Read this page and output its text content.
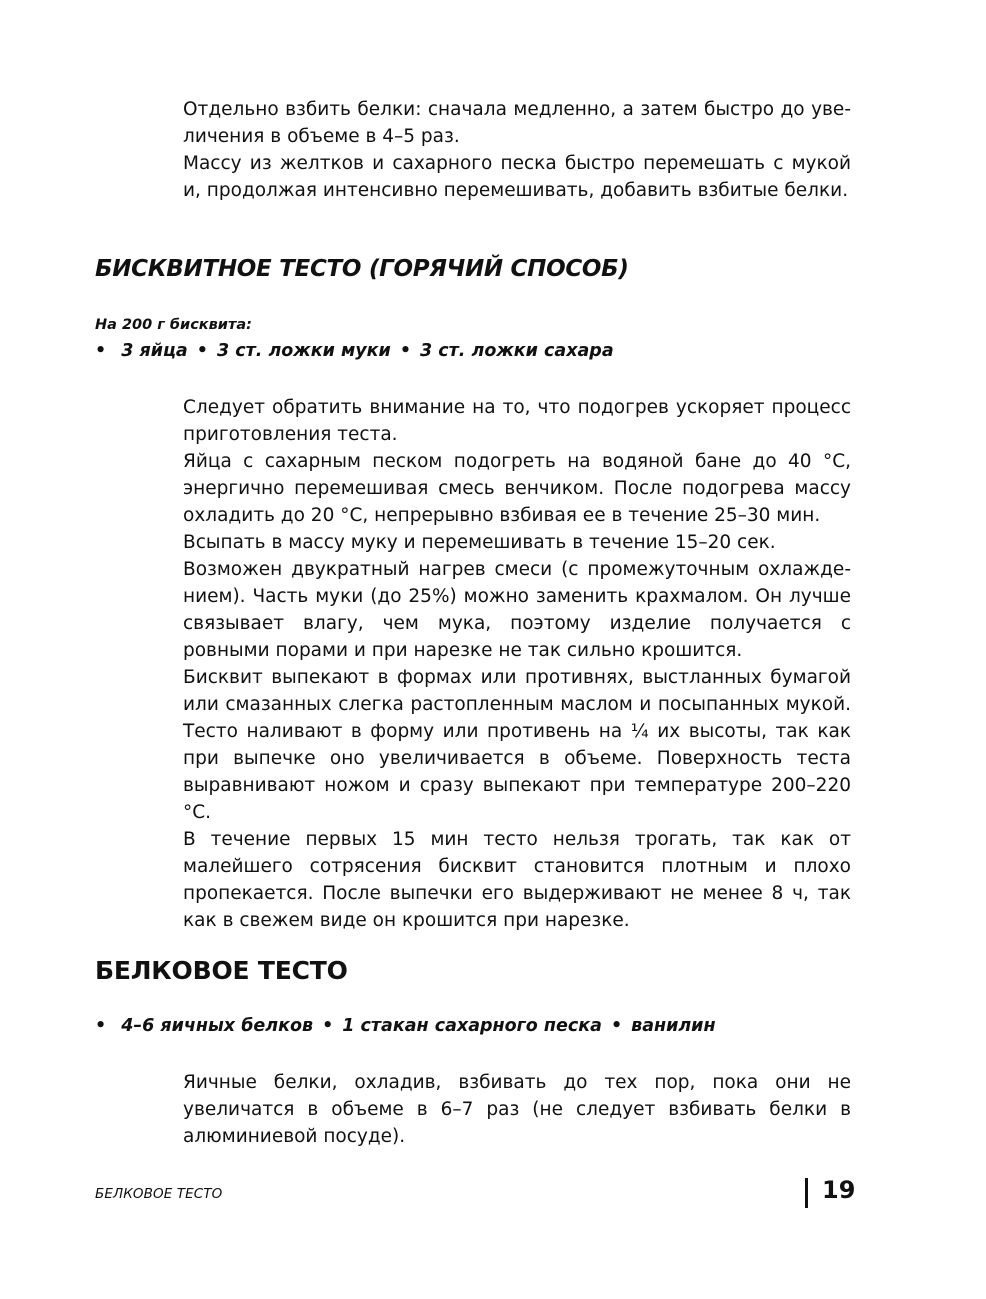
Отдельно взбить белки: сначала медленно, а затем быстро до увеличения в объеме в 4–5 раз.

Массу из желтков и сахарного песка быстро перемешать с мукой и, продолжая интенсивно перемешивать, добавить взбитые белки.

БИСКВИТНОЕ ТЕСТО (ГОРЯЧИЙ СПОСОБ)
На 200 г бисквита:
• 3 яйца • 3 ст. ложки муки • 3 ст. ложки сахара

Следует обратить внимание на то, что подогрев ускоряет процесс приготовления теста.

Яйца с сахарным песком подогреть на водяной бане до 40 °С, энергично перемешивая смесь венчиком. После подогрева массу охладить до 20 °С, непрерывно взбивая ее в течение 25–30 мин.

Всыпать в массу муку и перемешивать в течение 15–20 сек.

Возможен двукратный нагрев смеси (с промежуточным охлаждением). Часть муки (до 25%) можно заменить крахмалом. Он лучше связывает влагу, чем мука, поэтому изделие получается с ровными порами и при нарезке не так сильно крошится.

Бисквит выпекают в формах или противнях, выстланных бумагой или смазанных слегка растопленным маслом и посыпанных мукой. Тесто наливают в форму или противень на ¼ их высоты, так как при выпечке оно увеличивается в объеме. Поверхность теста выравнивают ножом и сразу выпекают при температуре 200–220 °С.

В течение первых 15 мин тесто нельзя трогать, так как от малейшего сотрясения бисквит становится плотным и плохо пропекается. После выпечки его выдерживают не менее 8 ч, так как в свежем виде он крошится при нарезке.

БЕЛКОВОЕ ТЕСТО
• 4–6 яичных белков • 1 стакан сахарного песка • ванилин

Яичные белки, охладив, взбивать до тех пор, пока они не увеличатся в объеме в 6–7 раз (не следует взбивать белки в алюминиевой посуде).

БЕЛКОВОЕ ТЕСТО	19
